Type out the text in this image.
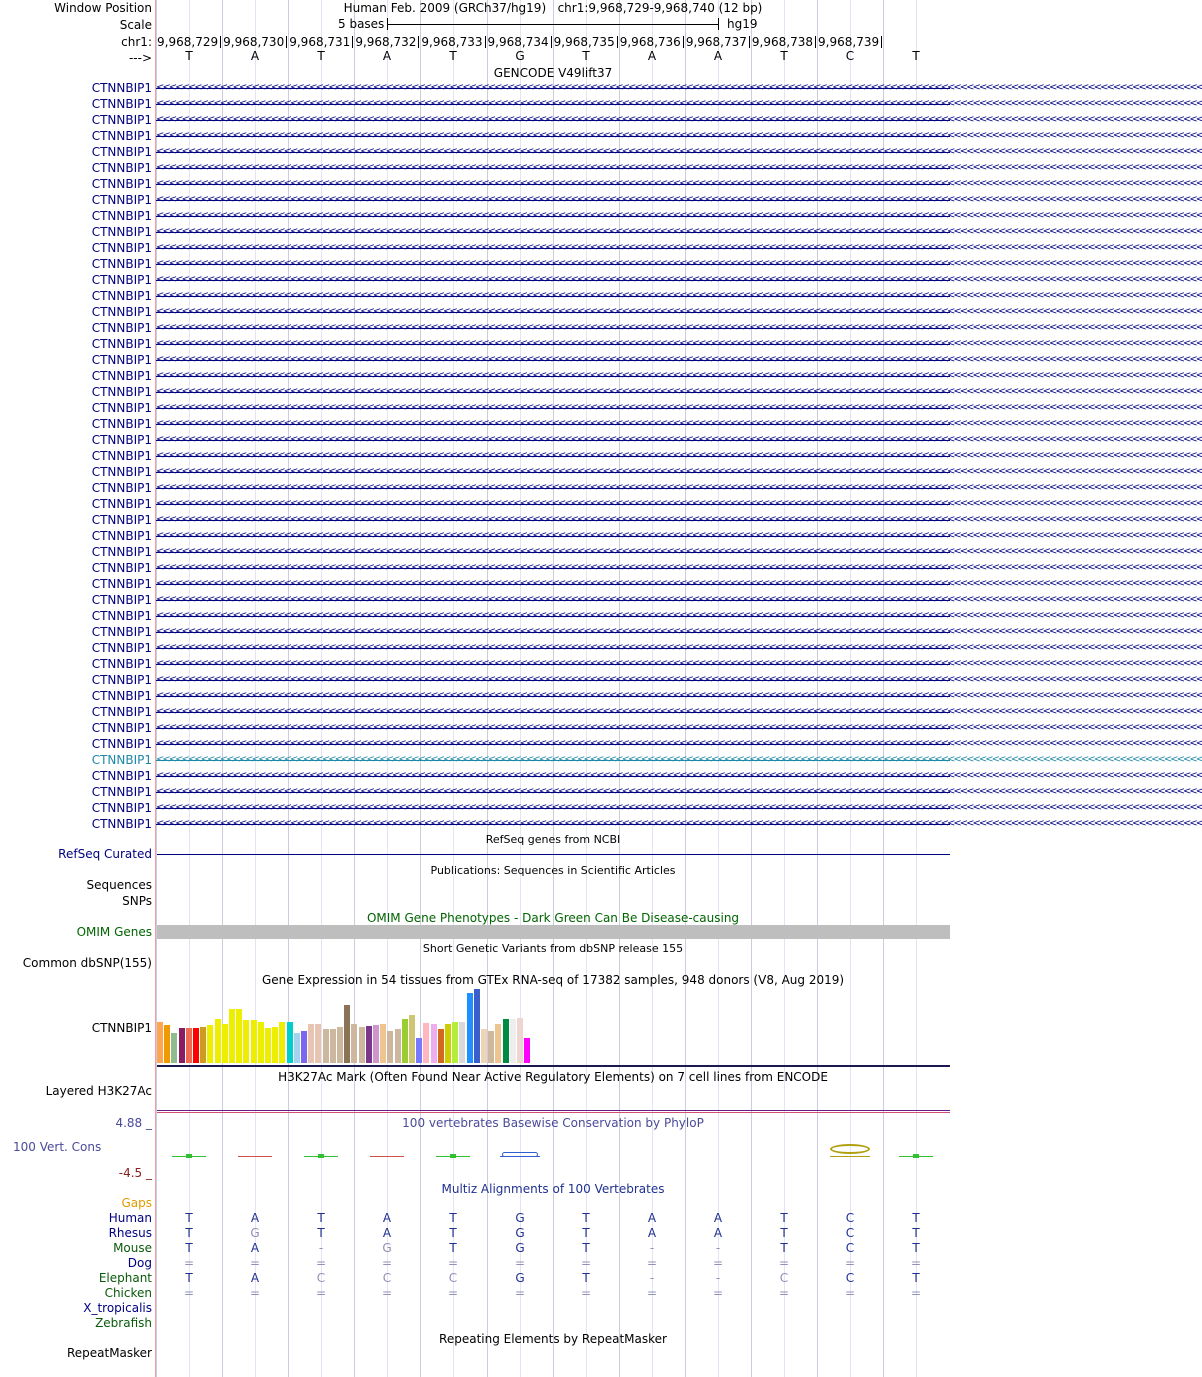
Window Position	Human Feb. 2009 (GRCh37/hg19) chr1:9,968,729-9,968,740 (12 bp)
Scale	5 bases	hg19
chr1: 9,968,729 9,968,730 9,968,731 9,968,732 9,968,733 9,968,734 9,968,735 9,968,736 9,968,737 9,968,738 9,968,739
--->	T	A	T	A	T	G	T	A	A	T	C	T
GENCODE V49lift37
CTNNBIP1 <<<<<<<<<<<<<<<<<<<<<<<<<<<<<<<<<<<<<<<<<<<<<<<<<<<<<<<<<<<<<<<<<<<<<<<<<<<<<<<<<<<<<<<<<<<<<<<<<<<<<<<<<<<<<<<<<<<<<<<<<<<<<<<<<<<<<<<<<<<<<<<<<<<<<<<<<<<<<<<<<<<<
CTNNBIP1 <<<<<<<<<<<<<<<<<<<<<<<<<<<<<<<<<<<<<<<<<<<<<<<<<<<<<<<<<<<<<<<<<<<<<<<<<<<<<<<<<<<<<<<<<<<<<<<<<<<<<<<<<<<<<<<<<<<<<<<<<<<<<<<<<<<<<<<<<<<<<<<<<<<<<<<<<<<<<<<<<<<<
CTNNBIP1 <<<<<<<<<<<<<<<<<<<<<<<<<<<<<<<<<<<<<<<<<<<<<<<<<<<<<<<<<<<<<<<<<<<<<<<<<<<<<<<<<<<<<<<<<<<<<<<<<<<<<<<<<<<<<<<<<<<<<<<<<<<<<<<<<<<<<<<<<<<<<<<<<<<<<<<<<<<<<<<<<<<<
CTNNBIP1 <<<<<<<<<<<<<<<<<<<<<<<<<<<<<<<<<<<<<<<<<<<<<<<<<<<<<<<<<<<<<<<<<<<<<<<<<<<<<<<<<<<<<<<<<<<<<<<<<<<<<<<<<<<<<<<<<<<<<<<<<<<<<<<<<<<<<<<<<<<<<<<<<<<<<<<<<<<<<<<<<<<<
CTNNBIP1 <<<<<<<<<<<<<<<<<<<<<<<<<<<<<<<<<<<<<<<<<<<<<<<<<<<<<<<<<<<<<<<<<<<<<<<<<<<<<<<<<<<<<<<<<<<<<<<<<<<<<<<<<<<<<<<<<<<<<<<<<<<<<<<<<<<<<<<<<<<<<<<<<<<<<<<<<<<<<<<<<<<<
CTNNBIP1 <<<<<<<<<<<<<<<<<<<<<<<<<<<<<<<<<<<<<<<<<<<<<<<<<<<<<<<<<<<<<<<<<<<<<<<<<<<<<<<<<<<<<<<<<<<<<<<<<<<<<<<<<<<<<<<<<<<<<<<<<<<<<<<<<<<<<<<<<<<<<<<<<<<<<<<<<<<<<<<<<<<<
CTNNBIP1 <<<<<<<<<<<<<<<<<<<<<<<<<<<<<<<<<<<<<<<<<<<<<<<<<<<<<<<<<<<<<<<<<<<<<<<<<<<<<<<<<<<<<<<<<<<<<<<<<<<<<<<<<<<<<<<<<<<<<<<<<<<<<<<<<<<<<<<<<<<<<<<<<<<<<<<<<<<<<<<<<<<<
CTNNBIP1 <<<<<<<<<<<<<<<<<<<<<<<<<<<<<<<<<<<<<<<<<<<<<<<<<<<<<<<<<<<<<<<<<<<<<<<<<<<<<<<<<<<<<<<<<<<<<<<<<<<<<<<<<<<<<<<<<<<<<<<<<<<<<<<<<<<<<<<<<<<<<<<<<<<<<<<<<<<<<<<<<<<<
CTNNBIP1 <<<<<<<<<<<<<<<<<<<<<<<<<<<<<<<<<<<<<<<<<<<<<<<<<<<<<<<<<<<<<<<<<<<<<<<<<<<<<<<<<<<<<<<<<<<<<<<<<<<<<<<<<<<<<<<<<<<<<<<<<<<<<<<<<<<<<<<<<<<<<<<<<<<<<<<<<<<<<<<<<<<<
CTNNBIP1 <<<<<<<<<<<<<<<<<<<<<<<<<<<<<<<<<<<<<<<<<<<<<<<<<<<<<<<<<<<<<<<<<<<<<<<<<<<<<<<<<<<<<<<<<<<<<<<<<<<<<<<<<<<<<<<<<<<<<<<<<<<<<<<<<<<<<<<<<<<<<<<<<<<<<<<<<<<<<<<<<<<<
CTNNBIP1 <<<<<<<<<<<<<<<<<<<<<<<<<<<<<<<<<<<<<<<<<<<<<<<<<<<<<<<<<<<<<<<<<<<<<<<<<<<<<<<<<<<<<<<<<<<<<<<<<<<<<<<<<<<<<<<<<<<<<<<<<<<<<<<<<<<<<<<<<<<<<<<<<<<<<<<<<<<<<<<<<<<<
CTNNBIP1 <<<<<<<<<<<<<<<<<<<<<<<<<<<<<<<<<<<<<<<<<<<<<<<<<<<<<<<<<<<<<<<<<<<<<<<<<<<<<<<<<<<<<<<<<<<<<<<<<<<<<<<<<<<<<<<<<<<<<<<<<<<<<<<<<<<<<<<<<<<<<<<<<<<<<<<<<<<<<<<<<<<<
CTNNBIP1 <<<<<<<<<<<<<<<<<<<<<<<<<<<<<<<<<<<<<<<<<<<<<<<<<<<<<<<<<<<<<<<<<<<<<<<<<<<<<<<<<<<<<<<<<<<<<<<<<<<<<<<<<<<<<<<<<<<<<<<<<<<<<<<<<<<<<<<<<<<<<<<<<<<<<<<<<<<<<<<<<<<<
CTNNBIP1 <<<<<<<<<<<<<<<<<<<<<<<<<<<<<<<<<<<<<<<<<<<<<<<<<<<<<<<<<<<<<<<<<<<<<<<<<<<<<<<<<<<<<<<<<<<<<<<<<<<<<<<<<<<<<<<<<<<<<<<<<<<<<<<<<<<<<<<<<<<<<<<<<<<<<<<<<<<<<<<<<<<<
CTNNBIP1 <<<<<<<<<<<<<<<<<<<<<<<<<<<<<<<<<<<<<<<<<<<<<<<<<<<<<<<<<<<<<<<<<<<<<<<<<<<<<<<<<<<<<<<<<<<<<<<<<<<<<<<<<<<<<<<<<<<<<<<<<<<<<<<<<<<<<<<<<<<<<<<<<<<<<<<<<<<<<<<<<<<<
CTNNBIP1 <<<<<<<<<<<<<<<<<<<<<<<<<<<<<<<<<<<<<<<<<<<<<<<<<<<<<<<<<<<<<<<<<<<<<<<<<<<<<<<<<<<<<<<<<<<<<<<<<<<<<<<<<<<<<<<<<<<<<<<<<<<<<<<<<<<<<<<<<<<<<<<<<<<<<<<<<<<<<<<<<<<<
CTNNBIP1 <<<<<<<<<<<<<<<<<<<<<<<<<<<<<<<<<<<<<<<<<<<<<<<<<<<<<<<<<<<<<<<<<<<<<<<<<<<<<<<<<<<<<<<<<<<<<<<<<<<<<<<<<<<<<<<<<<<<<<<<<<<<<<<<<<<<<<<<<<<<<<<<<<<<<<<<<<<<<<<<<<<<
CTNNBIP1 <<<<<<<<<<<<<<<<<<<<<<<<<<<<<<<<<<<<<<<<<<<<<<<<<<<<<<<<<<<<<<<<<<<<<<<<<<<<<<<<<<<<<<<<<<<<<<<<<<<<<<<<<<<<<<<<<<<<<<<<<<<<<<<<<<<<<<<<<<<<<<<<<<<<<<<<<<<<<<<<<<<<
CTNNBIP1 <<<<<<<<<<<<<<<<<<<<<<<<<<<<<<<<<<<<<<<<<<<<<<<<<<<<<<<<<<<<<<<<<<<<<<<<<<<<<<<<<<<<<<<<<<<<<<<<<<<<<<<<<<<<<<<<<<<<<<<<<<<<<<<<<<<<<<<<<<<<<<<<<<<<<<<<<<<<<<<<<<<<
CTNNBIP1 <<<<<<<<<<<<<<<<<<<<<<<<<<<<<<<<<<<<<<<<<<<<<<<<<<<<<<<<<<<<<<<<<<<<<<<<<<<<<<<<<<<<<<<<<<<<<<<<<<<<<<<<<<<<<<<<<<<<<<<<<<<<<<<<<<<<<<<<<<<<<<<<<<<<<<<<<<<<<<<<<<<<
CTNNBIP1 <<<<<<<<<<<<<<<<<<<<<<<<<<<<<<<<<<<<<<<<<<<<<<<<<<<<<<<<<<<<<<<<<<<<<<<<<<<<<<<<<<<<<<<<<<<<<<<<<<<<<<<<<<<<<<<<<<<<<<<<<<<<<<<<<<<<<<<<<<<<<<<<<<<<<<<<<<<<<<<<<<<<
CTNNBIP1 <<<<<<<<<<<<<<<<<<<<<<<<<<<<<<<<<<<<<<<<<<<<<<<<<<<<<<<<<<<<<<<<<<<<<<<<<<<<<<<<<<<<<<<<<<<<<<<<<<<<<<<<<<<<<<<<<<<<<<<<<<<<<<<<<<<<<<<<<<<<<<<<<<<<<<<<<<<<<<<<<<<<
CTNNBIP1 <<<<<<<<<<<<<<<<<<<<<<<<<<<<<<<<<<<<<<<<<<<<<<<<<<<<<<<<<<<<<<<<<<<<<<<<<<<<<<<<<<<<<<<<<<<<<<<<<<<<<<<<<<<<<<<<<<<<<<<<<<<<<<<<<<<<<<<<<<<<<<<<<<<<<<<<<<<<<<<<<<<<
CTNNBIP1 <<<<<<<<<<<<<<<<<<<<<<<<<<<<<<<<<<<<<<<<<<<<<<<<<<<<<<<<<<<<<<<<<<<<<<<<<<<<<<<<<<<<<<<<<<<<<<<<<<<<<<<<<<<<<<<<<<<<<<<<<<<<<<<<<<<<<<<<<<<<<<<<<<<<<<<<<<<<<<<<<<<<
CTNNBIP1 <<<<<<<<<<<<<<<<<<<<<<<<<<<<<<<<<<<<<<<<<<<<<<<<<<<<<<<<<<<<<<<<<<<<<<<<<<<<<<<<<<<<<<<<<<<<<<<<<<<<<<<<<<<<<<<<<<<<<<<<<<<<<<<<<<<<<<<<<<<<<<<<<<<<<<<<<<<<<<<<<<<<
CTNNBIP1 <<<<<<<<<<<<<<<<<<<<<<<<<<<<<<<<<<<<<<<<<<<<<<<<<<<<<<<<<<<<<<<<<<<<<<<<<<<<<<<<<<<<<<<<<<<<<<<<<<<<<<<<<<<<<<<<<<<<<<<<<<<<<<<<<<<<<<<<<<<<<<<<<<<<<<<<<<<<<<<<<<<<
CTNNBIP1 <<<<<<<<<<<<<<<<<<<<<<<<<<<<<<<<<<<<<<<<<<<<<<<<<<<<<<<<<<<<<<<<<<<<<<<<<<<<<<<<<<<<<<<<<<<<<<<<<<<<<<<<<<<<<<<<<<<<<<<<<<<<<<<<<<<<<<<<<<<<<<<<<<<<<<<<<<<<<<<<<<<<
CTNNBIP1 <<<<<<<<<<<<<<<<<<<<<<<<<<<<<<<<<<<<<<<<<<<<<<<<<<<<<<<<<<<<<<<<<<<<<<<<<<<<<<<<<<<<<<<<<<<<<<<<<<<<<<<<<<<<<<<<<<<<<<<<<<<<<<<<<<<<<<<<<<<<<<<<<<<<<<<<<<<<<<<<<<<<
CTNNBIP1 <<<<<<<<<<<<<<<<<<<<<<<<<<<<<<<<<<<<<<<<<<<<<<<<<<<<<<<<<<<<<<<<<<<<<<<<<<<<<<<<<<<<<<<<<<<<<<<<<<<<<<<<<<<<<<<<<<<<<<<<<<<<<<<<<<<<<<<<<<<<<<<<<<<<<<<<<<<<<<<<<<<<
CTNNBIP1 <<<<<<<<<<<<<<<<<<<<<<<<<<<<<<<<<<<<<<<<<<<<<<<<<<<<<<<<<<<<<<<<<<<<<<<<<<<<<<<<<<<<<<<<<<<<<<<<<<<<<<<<<<<<<<<<<<<<<<<<<<<<<<<<<<<<<<<<<<<<<<<<<<<<<<<<<<<<<<<<<<<<
CTNNBIP1 <<<<<<<<<<<<<<<<<<<<<<<<<<<<<<<<<<<<<<<<<<<<<<<<<<<<<<<<<<<<<<<<<<<<<<<<<<<<<<<<<<<<<<<<<<<<<<<<<<<<<<<<<<<<<<<<<<<<<<<<<<<<<<<<<<<<<<<<<<<<<<<<<<<<<<<<<<<<<<<<<<<<
CTNNBIP1 <<<<<<<<<<<<<<<<<<<<<<<<<<<<<<<<<<<<<<<<<<<<<<<<<<<<<<<<<<<<<<<<<<<<<<<<<<<<<<<<<<<<<<<<<<<<<<<<<<<<<<<<<<<<<<<<<<<<<<<<<<<<<<<<<<<<<<<<<<<<<<<<<<<<<<<<<<<<<<<<<<<<
CTNNBIP1 <<<<<<<<<<<<<<<<<<<<<<<<<<<<<<<<<<<<<<<<<<<<<<<<<<<<<<<<<<<<<<<<<<<<<<<<<<<<<<<<<<<<<<<<<<<<<<<<<<<<<<<<<<<<<<<<<<<<<<<<<<<<<<<<<<<<<<<<<<<<<<<<<<<<<<<<<<<<<<<<<<<<
CTNNBIP1 <<<<<<<<<<<<<<<<<<<<<<<<<<<<<<<<<<<<<<<<<<<<<<<<<<<<<<<<<<<<<<<<<<<<<<<<<<<<<<<<<<<<<<<<<<<<<<<<<<<<<<<<<<<<<<<<<<<<<<<<<<<<<<<<<<<<<<<<<<<<<<<<<<<<<<<<<<<<<<<<<<<<
CTNNBIP1 <<<<<<<<<<<<<<<<<<<<<<<<<<<<<<<<<<<<<<<<<<<<<<<<<<<<<<<<<<<<<<<<<<<<<<<<<<<<<<<<<<<<<<<<<<<<<<<<<<<<<<<<<<<<<<<<<<<<<<<<<<<<<<<<<<<<<<<<<<<<<<<<<<<<<<<<<<<<<<<<<<<<
CTNNBIP1 <<<<<<<<<<<<<<<<<<<<<<<<<<<<<<<<<<<<<<<<<<<<<<<<<<<<<<<<<<<<<<<<<<<<<<<<<<<<<<<<<<<<<<<<<<<<<<<<<<<<<<<<<<<<<<<<<<<<<<<<<<<<<<<<<<<<<<<<<<<<<<<<<<<<<<<<<<<<<<<<<<<<
CTNNBIP1 <<<<<<<<<<<<<<<<<<<<<<<<<<<<<<<<<<<<<<<<<<<<<<<<<<<<<<<<<<<<<<<<<<<<<<<<<<<<<<<<<<<<<<<<<<<<<<<<<<<<<<<<<<<<<<<<<<<<<<<<<<<<<<<<<<<<<<<<<<<<<<<<<<<<<<<<<<<<<<<<<<<<
CTNNBIP1 <<<<<<<<<<<<<<<<<<<<<<<<<<<<<<<<<<<<<<<<<<<<<<<<<<<<<<<<<<<<<<<<<<<<<<<<<<<<<<<<<<<<<<<<<<<<<<<<<<<<<<<<<<<<<<<<<<<<<<<<<<<<<<<<<<<<<<<<<<<<<<<<<<<<<<<<<<<<<<<<<<<<
CTNNBIP1 <<<<<<<<<<<<<<<<<<<<<<<<<<<<<<<<<<<<<<<<<<<<<<<<<<<<<<<<<<<<<<<<<<<<<<<<<<<<<<<<<<<<<<<<<<<<<<<<<<<<<<<<<<<<<<<<<<<<<<<<<<<<<<<<<<<<<<<<<<<<<<<<<<<<<<<<<<<<<<<<<<<<
CTNNBIP1 <<<<<<<<<<<<<<<<<<<<<<<<<<<<<<<<<<<<<<<<<<<<<<<<<<<<<<<<<<<<<<<<<<<<<<<<<<<<<<<<<<<<<<<<<<<<<<<<<<<<<<<<<<<<<<<<<<<<<<<<<<<<<<<<<<<<<<<<<<<<<<<<<<<<<<<<<<<<<<<<<<<<
CTNNBIP1 <<<<<<<<<<<<<<<<<<<<<<<<<<<<<<<<<<<<<<<<<<<<<<<<<<<<<<<<<<<<<<<<<<<<<<<<<<<<<<<<<<<<<<<<<<<<<<<<<<<<<<<<<<<<<<<<<<<<<<<<<<<<<<<<<<<<<<<<<<<<<<<<<<<<<<<<<<<<<<<<<<<<
CTNNBIP1 <<<<<<<<<<<<<<<<<<<<<<<<<<<<<<<<<<<<<<<<<<<<<<<<<<<<<<<<<<<<<<<<<<<<<<<<<<<<<<<<<<<<<<<<<<<<<<<<<<<<<<<<<<<<<<<<<<<<<<<<<<<<<<<<<<<<<<<<<<<<<<<<<<<<<<<<<<<<<<<<<<<<
CTNNBIP1 <<<<<<<<<<<<<<<<<<<<<<<<<<<<<<<<<<<<<<<<<<<<<<<<<<<<<<<<<<<<<<<<<<<<<<<<<<<<<<<<<<<<<<<<<<<<<<<<<<<<<<<<<<<<<<<<<<<<<<<<<<<<<<<<<<<<<<<<<<<<<<<<<<<<<<<<<<<<<<<<<<<<
CTNNBIP1 <<<<<<<<<<<<<<<<<<<<<<<<<<<<<<<<<<<<<<<<<<<<<<<<<<<<<<<<<<<<<<<<<<<<<<<<<<<<<<<<<<<<<<<<<<<<<<<<<<<<<<<<<<<<<<<<<<<<<<<<<<<<<<<<<<<<<<<<<<<<<<<<<<<<<<<<<<<<<<<<<<<<
CTNNBIP1 <<<<<<<<<<<<<<<<<<<<<<<<<<<<<<<<<<<<<<<<<<<<<<<<<<<<<<<<<<<<<<<<<<<<<<<<<<<<<<<<<<<<<<<<<<<<<<<<<<<<<<<<<<<<<<<<<<<<<<<<<<<<<<<<<<<<<<<<<<<<<<<<<<<<<<<<<<<<<<<<<<<<
CTNNBIP1 <<<<<<<<<<<<<<<<<<<<<<<<<<<<<<<<<<<<<<<<<<<<<<<<<<<<<<<<<<<<<<<<<<<<<<<<<<<<<<<<<<<<<<<<<<<<<<<<<<<<<<<<<<<<<<<<<<<<<<<<<<<<<<<<<<<<<<<<<<<<<<<<<<<<<<<<<<<<<<<<<<<<
CTNNBIP1 <<<<<<<<<<<<<<<<<<<<<<<<<<<<<<<<<<<<<<<<<<<<<<<<<<<<<<<<<<<<<<<<<<<<<<<<<<<<<<<<<<<<<<<<<<<<<<<<<<<<<<<<<<<<<<<<<<<<<<<<<<<<<<<<<<<<<<<<<<<<<<<<<<<<<<<<<<<<<<<<<<<<
RefSeq genes from NCBI
RefSeq Curated
Publications: Sequences in Scientific Articles
Sequences
SNPs
OMIM Gene Phenotypes - Dark Green Can Be Disease-causing
OMIM Genes
Short Genetic Variants from dbSNP release 155
Common dbSNP(155)
Gene Expression in 54 tissues from GTEx RNA-seq of 17382 samples, 948 donors (V8, Aug 2019)
CTNNBIP1
H3K27Ac Mark (Often Found Near Active Regulatory Elements) on 7 cell lines from ENCODE
Layered H3K27Ac
100 vertebrates Basewise Conservation by PhyloP
4.88 _
100 Vert. Cons
-4.5 _
Gaps
Multiz Alignments of 100 Vertebrates
Human	T	A	T	A	T	G	T	A	A	T	C	T
Rhesus	T	G	T	A	T	G	T	A	A	T	C	T
Mouse	T	A	-	G	T	G	T	-	-	T	C	T
Dog	=	=	=	=	=	=	=	=	=	=	=	=
Elephant	T	A	C	C	C	G	T	-	-	C	C	T
Chicken	=	=	=	=	=	=	=	=	=	=	=	=
X_tropicalis
Zebrafish
Repeating Elements by RepeatMasker
RepeatMasker
